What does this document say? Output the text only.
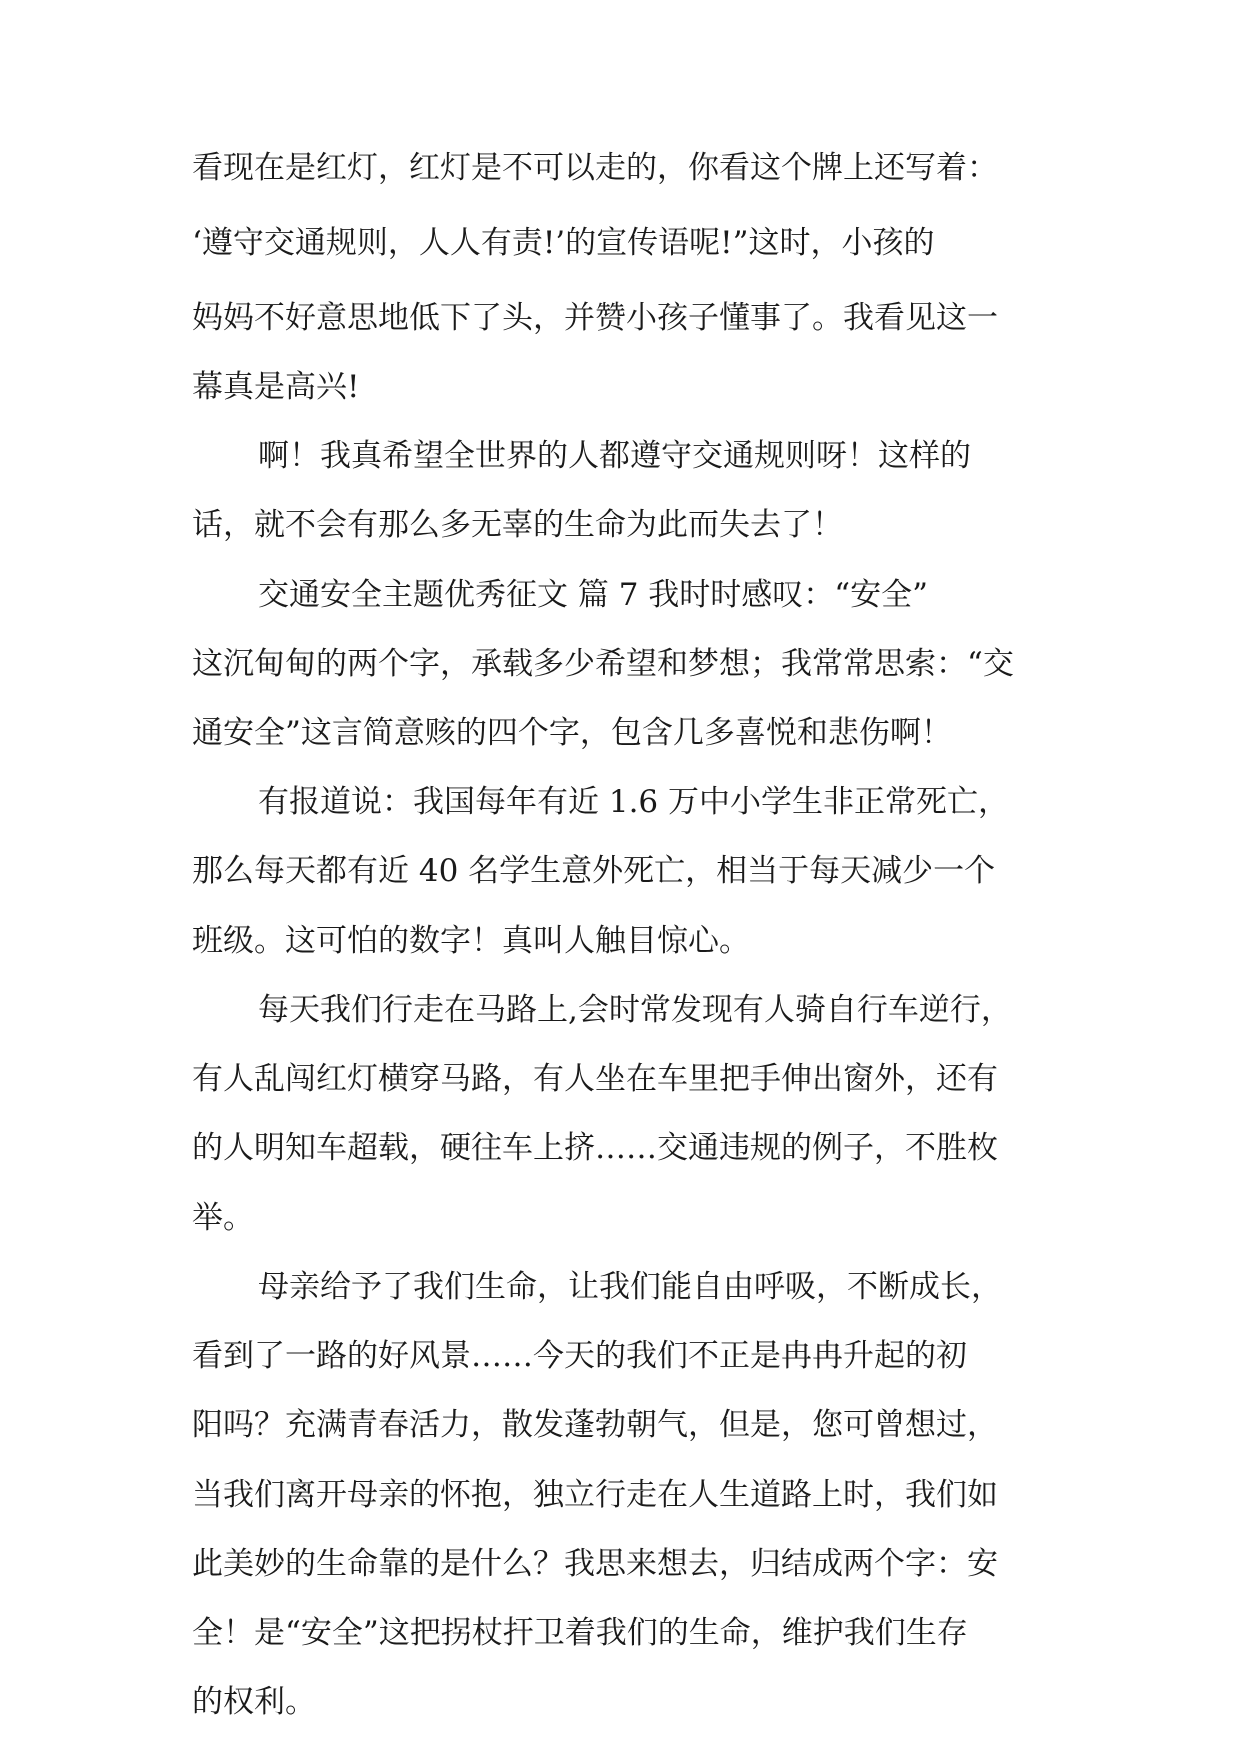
看现在是红灯，红灯是不可以走的，你看这个牌上还写着：
‘遵守交通规则，人人有责!’的宣传语呢!”这时，小孩的
妈妈不好意思地低下了头，并赞小孩子懂事了。我看见这一
幕真是高兴!
啊！我真希望全世界的人都遵守交通规则呀！这样的
话，就不会有那么多无辜的生命为此而失去了！
交通安全主题优秀征文 篇 7 我时时感叹：“安全”
这沉甸甸的两个字，承载多少希望和梦想；我常常思索：“交
通安全”这言简意赅的四个字，包含几多喜悦和悲伤啊！
有报道说：我国每年有近 1.6 万中小学生非正常死亡，
那么每天都有近 40 名学生意外死亡，相当于每天减少一个
班级。这可怕的数字！真叫人触目惊心。
每天我们行走在马路上,会时常发现有人骑自行车逆行，
有人乱闯红灯横穿马路，有人坐在车里把手伸出窗外，还有
的人明知车超载，硬往车上挤……交通违规的例子，不胜枚
举。
母亲给予了我们生命，让我们能自由呼吸，不断成长，
看到了一路的好风景……今天的我们不正是冉冉升起的初
阳吗？充满青春活力，散发蓬勃朝气，但是，您可曾想过，
当我们离开母亲的怀抱，独立行走在人生道路上时，我们如
此美妙的生命靠的是什么？我思来想去，归结成两个字：安
全！是“安全”这把拐杖扞卫着我们的生命，维护我们生存
的权利。
